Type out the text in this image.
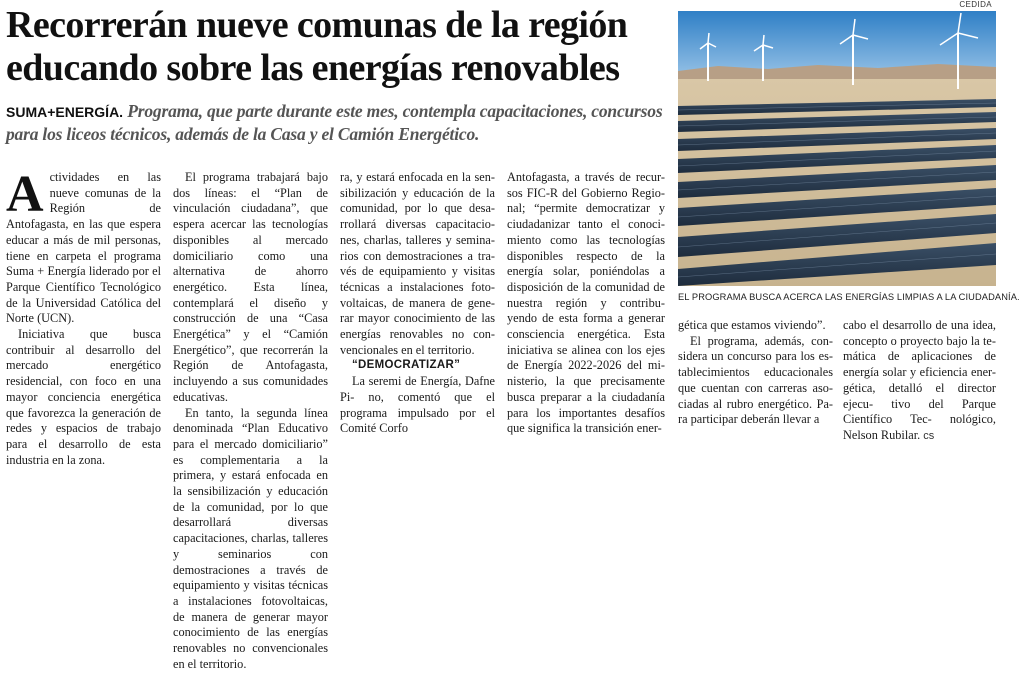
Recorrerán nueve comunas de la región educando sobre las energías renovables

SUMA+ENERGÍA. Programa, que parte durante este mes, contempla capacitaciones, concursos para los liceos técnicos, además de la Casa y el Camión Energético.

Actividades en las nueve comunas de la Región de Antofagasta, en las que espera educar a más de mil personas, tiene en carpeta el programa Suma + Energía liderado por el Parque Científico Tecnológico de la Universidad Católica del Norte (UCN).

Iniciativa que busca contribuir al desarrollo del mercado energético residencial, con foco en una mayor conciencia energética que favorezca la generación de redes y espacios de trabajo para el desarrollo de esta industria en la zona.

El programa trabajará bajo dos líneas: el “Plan de vinculación ciudadana”, que espera acercar las tecnologías disponibles al mercado domiciliario como una alternativa de ahorro energético. Esta línea, contemplará el diseño y construcción de una “Casa Energética” y el “Camión Energético”, que recorrerán la Región de Antofagasta, incluyendo a sus comunidades educativas.

En tanto, la segunda línea denominada “Plan Educativo para el mercado domiciliario” es complementaria a la primera, y estará enfocada en la sensibilización y educación de la comunidad, por lo que desarrollará diversas capacitaciones, charlas, talleres y seminarios con demostraciones a través de equipamiento y visitas técnicas a instalaciones fotovoltaicas, de manera de generar mayor conocimiento de las energías renovables no convencionales en el territorio.

ra, y estará enfocada en la sen- sibilización y educación de la comunidad, por lo que desa- rrollará diversas capacitacio- nes, charlas, talleres y semina- rios con demostraciones a tra- vés de equipamiento y visitas técnicas a instalaciones foto- voltaicas, de manera de gene- rar mayor conocimiento de las energías renovables no con- vencionales en el territorio.

“DEMOCRATIZAR”

La seremi de Energía, Dafne Pi- no, comentó que el programa impulsado por el Comité Corfo

Antofagasta, a través de recur- sos FIC-R del Gobierno Regio- nal; “permite democratizar y ciudadanizar tanto el conoci- miento como las tecnologías disponibles respecto de la energía solar, poniéndolas a disposición de la comunidad de nuestra región y contribu- yendo de esta forma a generar consciencia energética. Esta iniciativa se alinea con los ejes de Energía 2022-2026 del mi- nisterio, la que precisamente busca preparar a la ciudadanía para los importantes desafíos que significa la transición ener-

CEDIDA
EL PROGRAMA BUSCA ACERCA LAS ENERGÍAS LIMPIAS A LA CIUDADANÍA.

gética que estamos viviendo”.

El programa, además, con- sidera un concurso para los es- tablecimientos educacionales que cuentan con carreras aso- ciadas al rubro energético. Pa- ra participar deberán llevar a

cabo el desarrollo de una idea, concepto o proyecto bajo la te- mática de aplicaciones de energía solar y eficiencia ener- gética, detalló el director ejecu- tivo del Parque Científico Tec- nológico, Nelson Rubilar. cs
